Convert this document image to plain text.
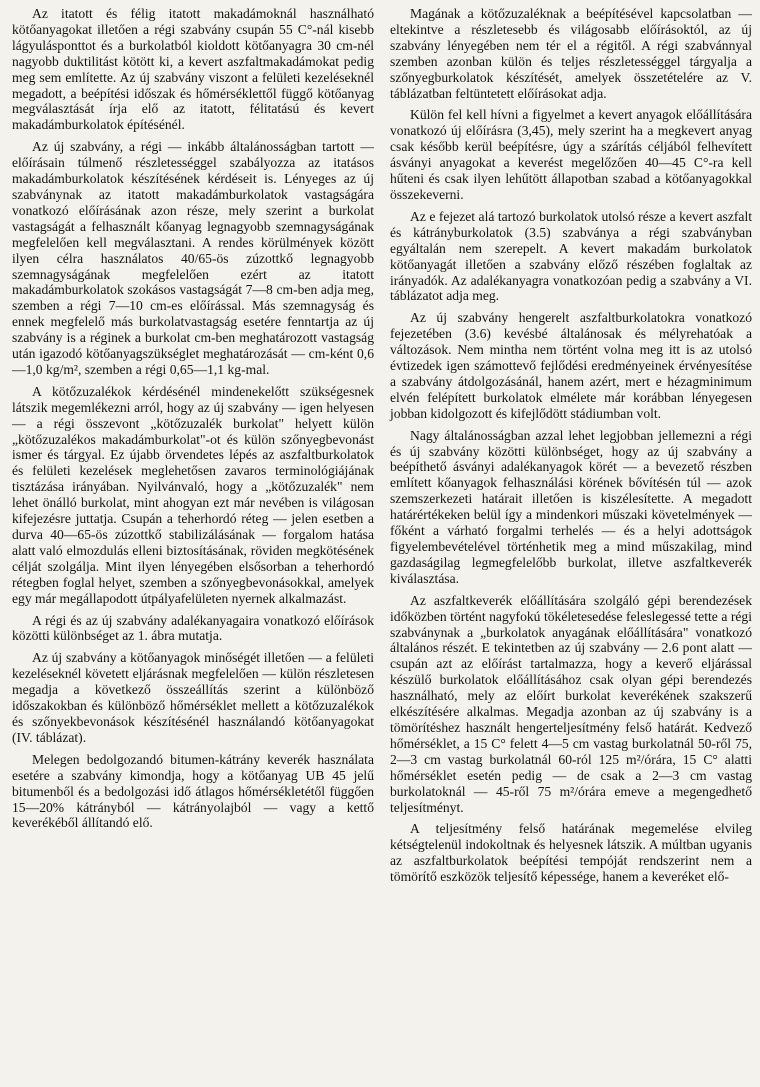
Az itatott és félig itatott makadámoknál használható kötőanyagokat illetően a régi szabvány csupán 55 C°-nál kisebb lágyulásponttot és a burkolatból kioldott kötőanyagra 30 cm-nél nagyobb duktilitást kötött ki, a kevert aszfaltmakadámokat pedig meg sem említette. Az új szabvány viszont a felületi kezeléseknél megadott, a beépítési időszak és hőmérséklettől függő kötőanyag megválasztását írja elő az itatott, félitatású és kevert makadámburkolatok építésénél.

Az új szabvány, a régi — inkább általánosságban tartott — előírásain túlmenő részletességgel szabályozza az itatásos makadámburkolatok készítésének kérdéseit is. Lényeges az új szabványnak az itatott makadámburkolatok vastagságára vonatkozó előírásának azon része, mely szerint a burkolat vastagságát a felhasznált kőanyag legnagyobb szemnagyságának megfelelően kell megválasztani. A rendes körülmények között ilyen célra használatos 40/65-ös zúzottkő legnagyobb szemnagyságának megfelelően ezért az itatott makadámburkolatok szokásos vastagságát 7—8 cm-ben adja meg, szemben a régi 7—10 cm-es előírással. Más szemnagyság és ennek megfelelő más burkolatvastagság esetére fenntartja az új szabvány is a réginek a burkolat cm-ben meghatározott vastagság után igazodó kötőanyagszükséglet meghatározását — cm-ként 0,6—1,0 kg/m², szemben a régi 0,65—1,1 kg-mal.

A kötőzuzalékok kérdésénél mindenekelőtt szükségesnek látszik megemlékezni arról, hogy az új szabvány — igen helyesen — a régi összevont „kötőzuzalék burkolat" helyett külön „kötőzuzalékos makadámburkolat"-ot és külön szőnyegbevonást ismer és tárgyal. Ez újabb örvendetes lépés az aszfaltburkolatok és felületi kezelések meglehetősen zavaros terminológiájának tisztázása irányában. Nyilvánvaló, hogy a „kötőzuzalék" nem lehet önálló burkolat, mint ahogyan ezt már nevében is világosan kifejezésre juttatja. Csupán a teherhordó réteg — jelen esetben a durva 40—65-ös zúzottkő stabilizálásának — forgalom hatása alatt való elmozdulás elleni biztosításának, röviden megkötésének célját szolgálja. Mint ilyen lényegében elsősorban a teherhordó rétegben foglal helyet, szemben a szőnyegbevonásokkal, amelyek egy már megállapodott útpályafelületen nyernek alkalmazást.

A régi és az új szabvány adalékanyagaira vonatkozó előírások közötti különbséget az 1. ábra mutatja.

Az új szabvány a kötőanyagok minőségét illetően — a felületi kezeléseknél követett eljárásnak megfelelően — külön részletesen megadja a következő összeállítás szerint a különböző időszakokban és különböző hőmérséklet mellett a kötőzuzalékok és szőnyekbevonások készítésénél használandó kötőanyagokat (IV. táblázat).

Melegen bedolgozandó bitumen-kátrány keverék használata esetére a szabvány kimondja, hogy a kötőanyag UB 45 jelű bitumenből és a bedolgozási idő átlagos hőmérsékletétől függően 15—20% kátrányból — kátrányolajból — vagy a kettő keverékéből állítandó elő.

Magának a kötőzuzaléknak a beépítésével kapcsolatban — eltekintve a részletesebb és világosabb előírásoktól, az új szabvány lényegében nem tér el a régitől. A régi szabvánnyal szemben azonban külön és teljes részletességgel tárgyalja a szőnyegburkolatok készítését, amelyek összetételére az V. táblázatban feltüntetett előírásokat adja.

Külön fel kell hívni a figyelmet a kevert anyagok előállítására vonatkozó új előírásra (3,45), mely szerint ha a megkevert anyag csak később kerül beépítésre, úgy a szárítás céljából felhevített ásványi anyagokat a keverést megelőzően 40—45 C°-ra kell hűteni és csak ilyen lehűtött állapotban szabad a kötőanyagokkal összekeverni.

Az e fejezet alá tartozó burkolatok utolsó része a kevert aszfalt és kátrányburkolatok (3.5) szabványa a régi szabványban egyáltalán nem szerepelt. A kevert makadám burkolatok kötőanyagát illetően a szabvány előző részében foglaltak az irányadók. Az adalékanyagra vonatkozóan pedig a szabvány a VI. táblázatot adja meg.

Az új szabvány hengerelt aszfaltburkolatokra vonatkozó fejezetében (3.6) kevésbé általánosak és mélyrehatóak a változások. Nem mintha nem történt volna meg itt is az utolsó évtizedek igen számottevő fejlődési eredményeinek érvényesítése a szabvány átdolgozásánál, hanem azért, mert e hézagminimum elvén felépített burkolatok elmélete már korábban lényegesen jobban kidolgozott és kifejlődött stádiumban volt.

Nagy általánosságban azzal lehet legjobban jellemezni a régi és új szabvány közötti különbséget, hogy az új szabvány a beépíthető ásványi adalékanyagok körét — a bevezető részben említett kőanyagok felhasználási körének bővítésén túl — azok szemszerkezeti határait illetően is kiszélesítette. A megadott határértékeken belül így a mindenkori műszaki követelmények — főként a várható forgalmi terhelés — és a helyi adottságok figyelembevételével történhetik meg a mind műszakilag, mind gazdaságilag legmegfelelőbb burkolat, illetve aszfaltkeverék kiválasztása.

Az aszfaltkeverék előállítására szolgáló gépi berendezések időközben történt nagyfokú tökéletesedése feleslegessé tette a régi szabványnak a „burkolatok anyagának előállítására" vonatkozó általános részét. E tekintetben az új szabvány — 2.6 pont alatt — csupán azt az előírást tartalmazza, hogy a keverő eljárással készülő burkolatok előállításához csak olyan gépi berendezés használható, mely az előírt burkolat keverékének szakszerű elkészítésére alkalmas. Megadja azonban az új szabvány is a tömörítéshez használt hengerteljesítmény felső határát. Kedvező hőmérséklet, a 15 C° felett 4—5 cm vastag burkolatnál 50-ről 75, 2—3 cm vastag burkolatnál 60-ról 125 m²/órára, 15 C° alatti hőmérséklet esetén pedig — de csak a 2—3 cm vastag burkolatoknál — 45-ről 75 m²/órára emeve a megengedhető teljesítményt.

A teljesítmény felső határának megemelése elvileg kétségtelenül indokoltnak és helyesnek látszik. A múltban ugyanis az aszfaltburkolatok beépítési tempóját rendszerint nem a tömörítő eszközök teljesítő képessége, hanem a keveréket elő-
